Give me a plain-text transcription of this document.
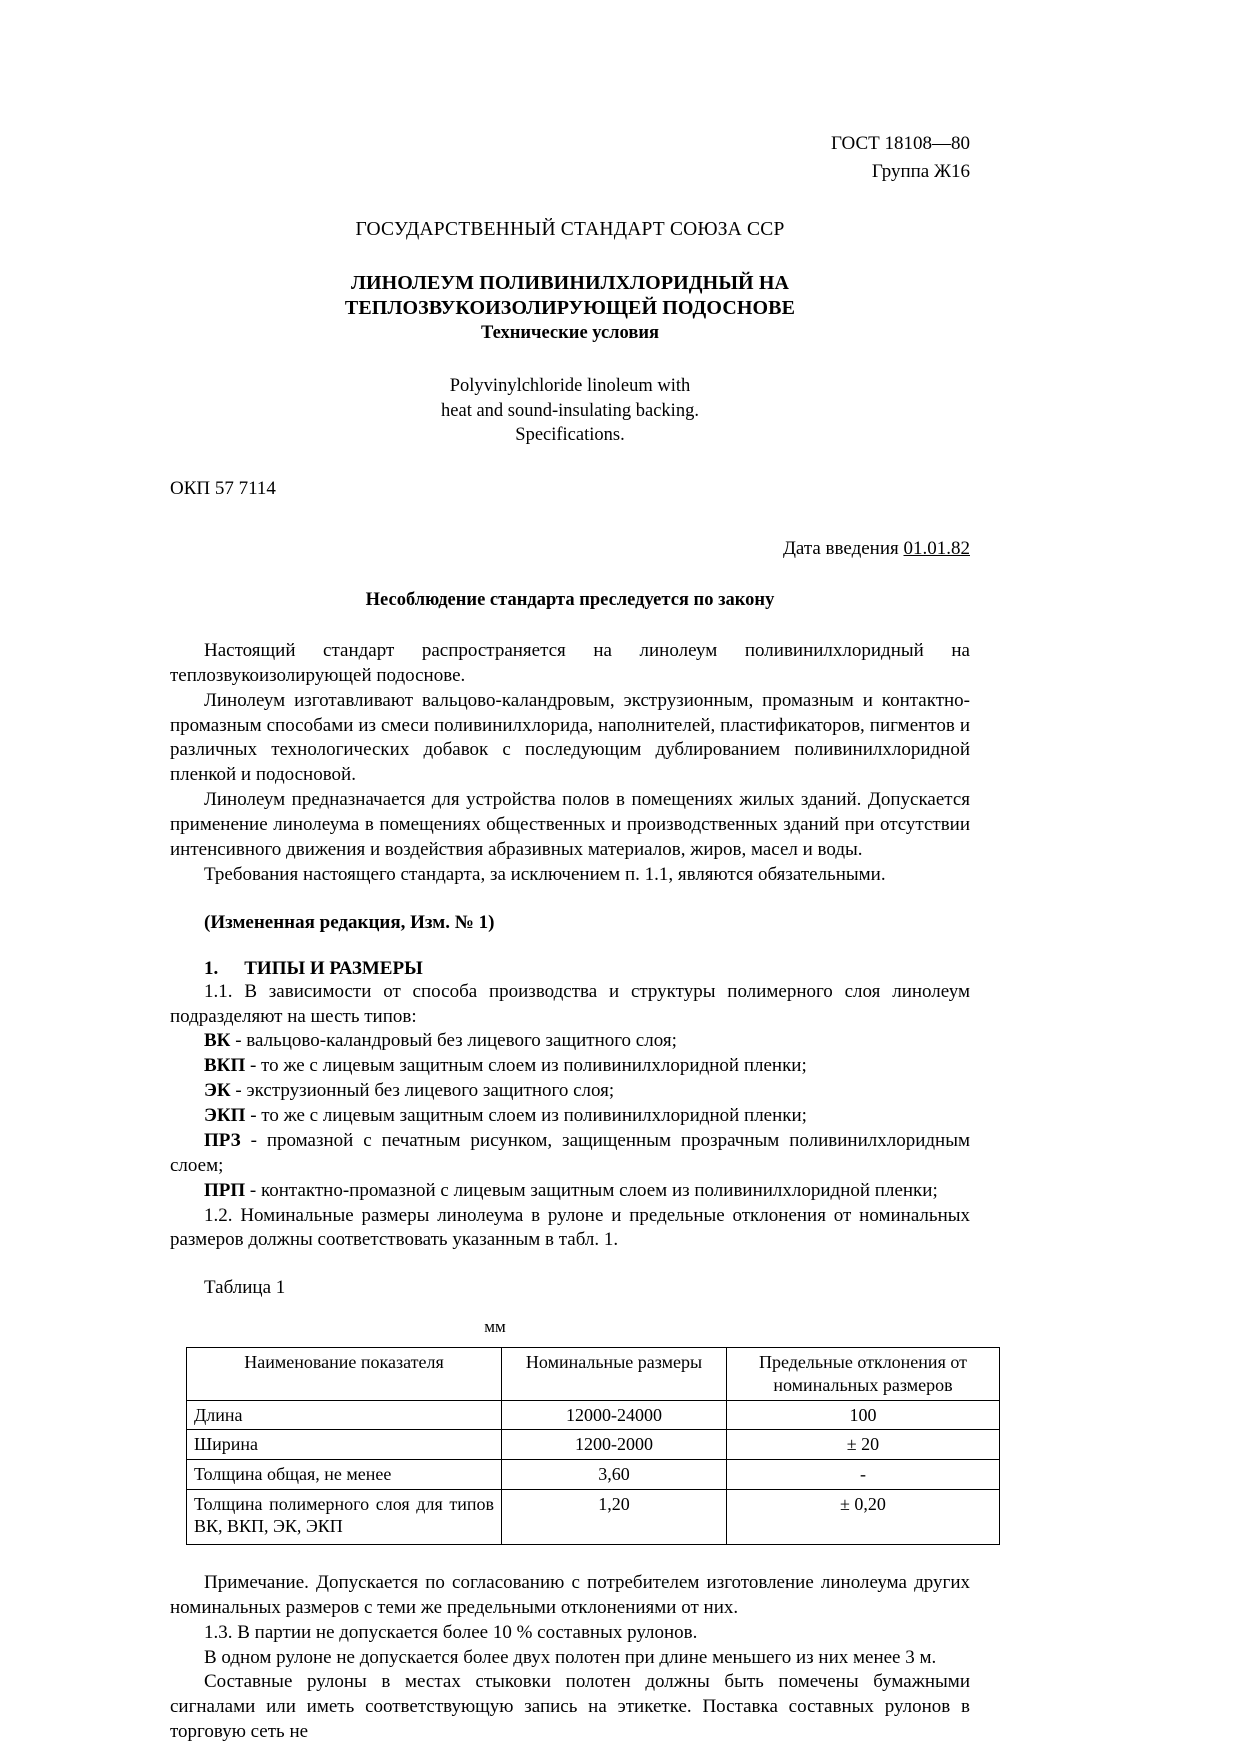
ГОСТ 18108—80
Группа Ж16
ГОСУДАРСТВЕННЫЙ СТАНДАРТ СОЮЗА ССР
ЛИНОЛЕУМ ПОЛИВИНИЛХЛОРИДНЫЙ НА
ТЕПЛОЗВУКОИЗОЛИРУЮЩЕЙ ПОДОСНОВЕ
Технические условия
Polyvinylchloride linoleum with
heat and sound-insulating backing.
Specifications.
ОКП 57 7114
Дата введения 01.01.82
Несоблюдение стандарта преследуется по закону

Настоящий стандарт распространяется на линолеум поливинилхлоридный на теплозвукоизолирующей подоснове.

Линолеум изготавливают вальцово-каландровым, экструзионным, промазным и контактно-промазным способами из смеси поливинилхлорида, наполнителей, пластификаторов, пигментов и различных технологических добавок с последующим дублированием поливинилхлоридной пленкой и подосновой.

Линолеум предназначается для устройства полов в помещениях жилых зданий. Допускается применение линолеума в помещениях общественных и производственных зданий при отсутствии интенсивного движения и воздействия абразивных материалов, жиров, масел и воды.

Требования настоящего стандарта, за исключением п. 1.1, являются обязательными.

(Измененная редакция, Изм. № 1)

1. ТИПЫ И РАЗМЕРЫ

1.1. В зависимости от способа производства и структуры полимерного слоя линолеум подразделяют на шесть типов:

ВК - вальцово-каландровый без лицевого защитного слоя;

ВКП - то же с лицевым защитным слоем из поливинилхлоридной пленки;

ЭК - экструзионный без лицевого защитного слоя;

ЭКП - то же с лицевым защитным слоем из поливинилхлоридной пленки;

ПРЗ - промазной с печатным рисунком, защищенным прозрачным поливинилхлоридным слоем;

ПРП - контактно-промазной с лицевым защитным слоем из поливинилхлоридной пленки;

1.2. Номинальные размеры линолеума в рулоне и предельные отклонения от номинальных размеров должны соответствовать указанным в табл. 1.

Таблица 1

мм
Наименование показателя	Номинальные размеры	Предельные отклонения от номинальных размеров
Длина	12000-24000	100
Ширина	1200-2000	± 20
Толщина общая, не менее	3,60	-
Толщина полимерного слоя для типов ВК, ВКП, ЭК, ЭКП	1,20	± 0,20

Примечание. Допускается по согласованию с потребителем изготовление линолеума других номинальных размеров с теми же предельными отклонениями от них.

1.3. В партии не допускается более 10 % составных рулонов.

В одном рулоне не допускается более двух полотен при длине меньшего из них менее 3 м.

Составные рулоны в местах стыковки полотен должны быть помечены бумажными сигналами или иметь соответствующую запись на этикетке. Поставка составных рулонов в торговую сеть не
